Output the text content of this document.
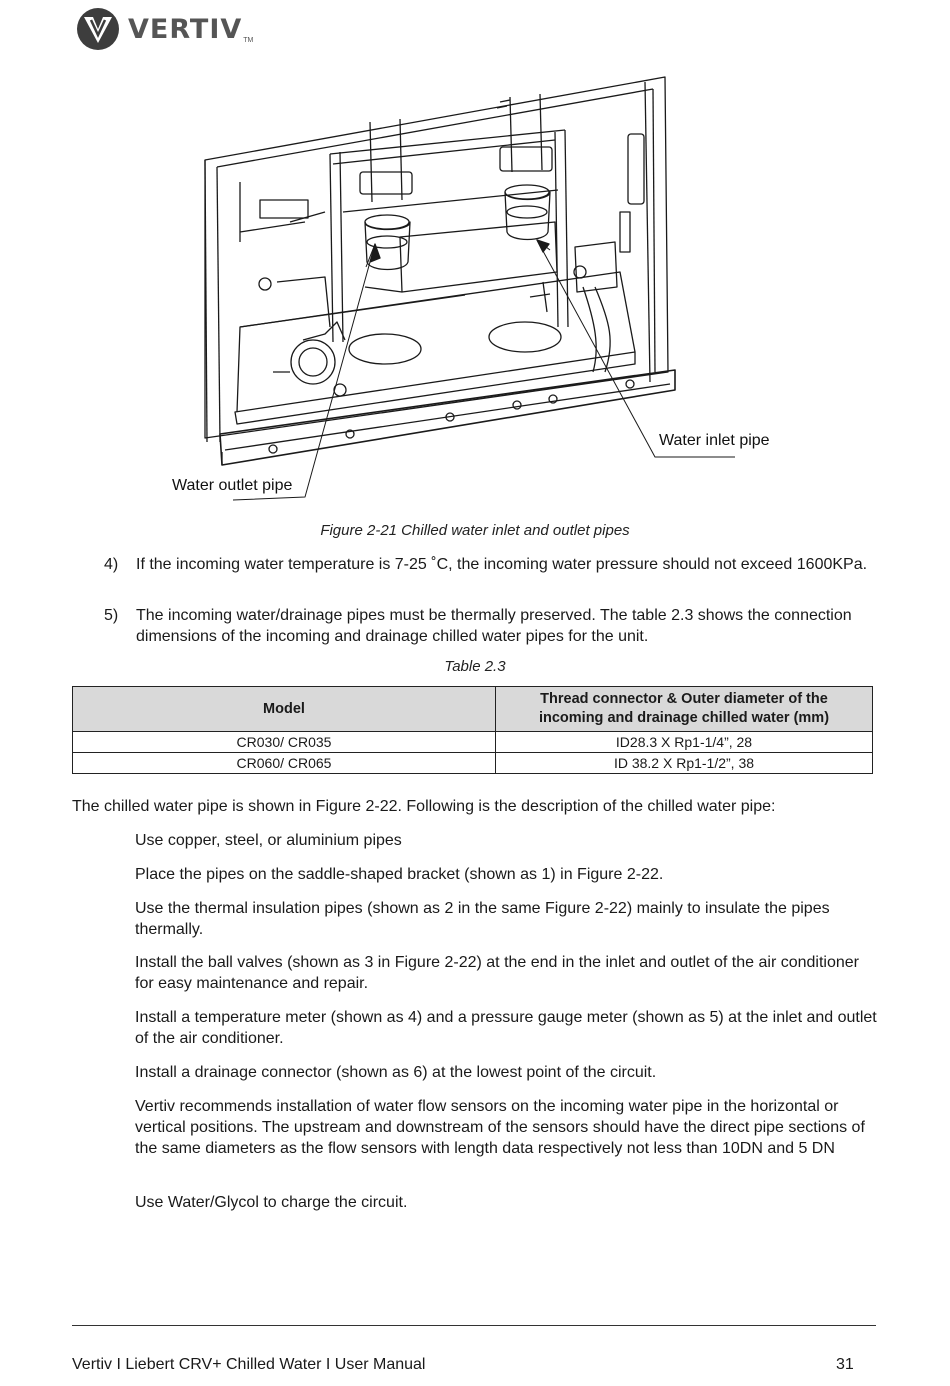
VERTIV TM
Water inlet pipe
Water outlet pipe
Figure 2-21 Chilled water inlet and outlet pipes
4) If the incoming water temperature is 7-25 ˚C, the incoming water pressure should not exceed 1600KPa.
5) The incoming water/drainage pipes must be thermally preserved. The table 2.3 shows the connection dimensions of the incoming and drainage chilled water pipes for the unit.
Table 2.3
Model	Thread connector & Outer diameter of the incoming and drainage chilled water (mm)
CR030/ CR035	ID28.3 X Rp1-1/4”, 28
CR060/ CR065	ID 38.2 X Rp1-1/2”, 38
The chilled water pipe is shown in Figure 2-22. Following is the description of the chilled water pipe:
Use copper, steel, or aluminium pipes
Place the pipes on the saddle-shaped bracket (shown as 1) in Figure 2-22.
Use the thermal insulation pipes (shown as 2 in the same Figure 2-22) mainly to insulate the pipes thermally.
Install the ball valves (shown as 3 in Figure 2-22) at the end in the inlet and outlet of the air conditioner for easy maintenance and repair.
Install a temperature meter (shown as 4) and a pressure gauge meter (shown as 5) at the inlet and outlet of the air conditioner.
Install a drainage connector (shown as 6) at the lowest point of the circuit.
Vertiv recommends installation of water flow sensors on the incoming water pipe in the horizontal or vertical positions. The upstream and downstream of the sensors should have the direct pipe sections of the same diameters as the flow sensors with length data respectively not less than 10DN and 5 DN
Use Water/Glycol to charge the circuit.
Vertiv I Liebert CRV+ Chilled Water I User Manual	31
